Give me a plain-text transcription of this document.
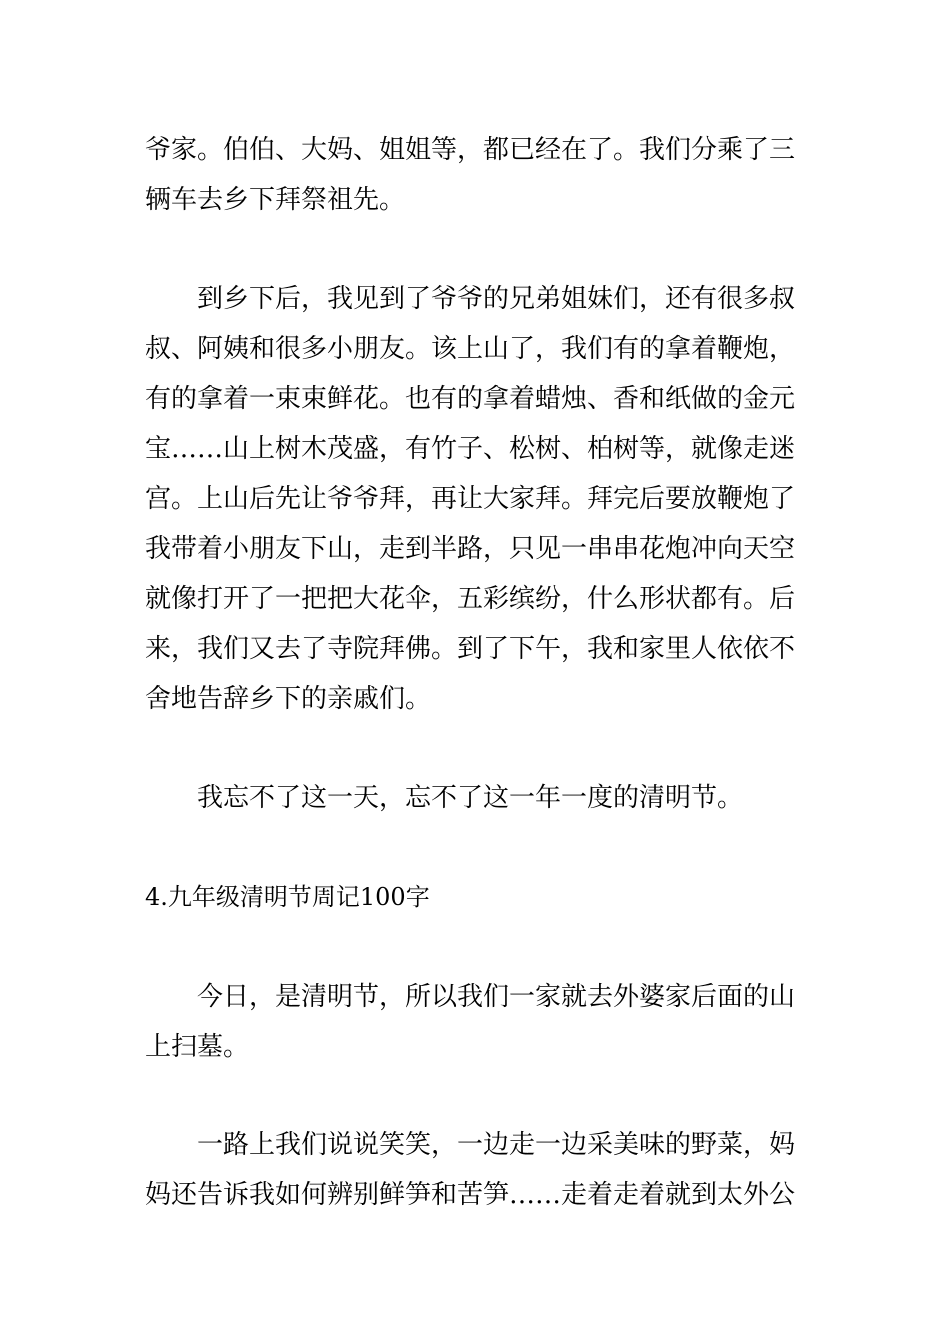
爷家。伯伯、大妈、姐姐等，都已经在了。我们分乘了三
辆车去乡下拜祭祖先。
　　到乡下后，我见到了爷爷的兄弟姐妹们，还有很多叔
叔、阿姨和很多小朋友。该上山了，我们有的拿着鞭炮，
有的拿着一束束鲜花。也有的拿着蜡烛、香和纸做的金元
宝……山上树木茂盛，有竹子、松树、柏树等，就像走迷
宫。上山后先让爷爷拜，再让大家拜。拜完后要放鞭炮了
我带着小朋友下山，走到半路，只见一串串花炮冲向天空
就像打开了一把把大花伞，五彩缤纷，什么形状都有。后
来，我们又去了寺院拜佛。到了下午，我和家里人依依不
舍地告辞乡下的亲戚们。
　　我忘不了这一天，忘不了这一年一度的清明节。
4.九年级清明节周记100字
　　今日，是清明节，所以我们一家就去外婆家后面的山
上扫墓。
　　一路上我们说说笑笑，一边走一边采美味的野菜，妈
妈还告诉我如何辨别鲜笋和苦笋……走着走着就到太外公
